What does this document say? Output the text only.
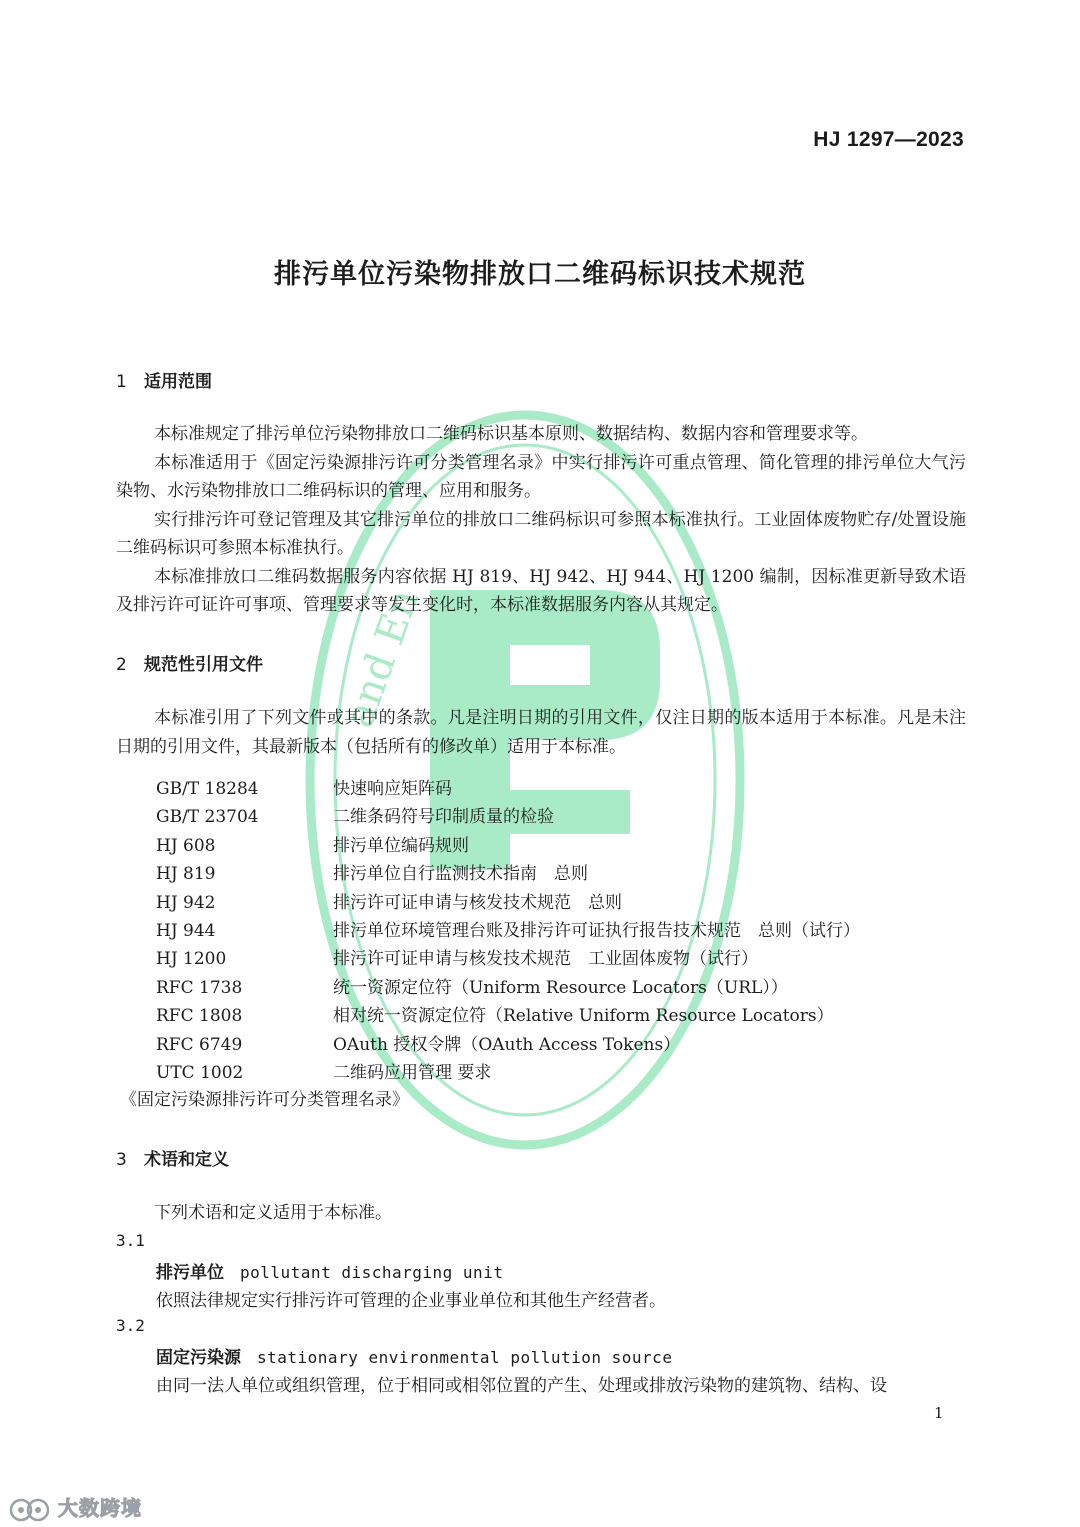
and En
HJ 1297—2023
排污单位污染物排放口二维码标识技术规范
1 适用范围

本标准规定了排污单位污染物排放口二维码标识基本原则、数据结构、数据内容和管理要求等。

本标准适用于《固定污染源排污许可分类管理名录》中实行排污许可重点管理、简化管理的排污单位大气污染物、水污染物排放口二维码标识的管理、应用和服务。

实行排污许可登记管理及其它排污单位的排放口二维码标识可参照本标准执行。工业固体废物贮存/处置设施二维码标识可参照本标准执行。

本标准排放口二维码数据服务内容依据 HJ 819、HJ 942、HJ 944、HJ 1200 编制，因标准更新导致术语及排污许可证许可事项、管理要求等发生变化时，本标准数据服务内容从其规定。

2 规范性引用文件

本标准引用了下列文件或其中的条款。凡是注明日期的引用文件，仅注日期的版本适用于本标准。凡是未注日期的引用文件，其最新版本（包括所有的修改单）适用于本标准。

GB/T 18284	快速响应矩阵码
GB/T 23704	二维条码符号印制质量的检验
HJ 608	排污单位编码规则
HJ 819	排污单位自行监测技术指南　总则
HJ 942	排污许可证申请与核发技术规范　总则
HJ 944	排污单位环境管理台账及排污许可证执行报告技术规范　总则（试行）
HJ 1200	排污许可证申请与核发技术规范　工业固体废物（试行）
RFC 1738	统一资源定位符（Uniform Resource Locators（URL））
RFC 1808	相对统一资源定位符（Relative Uniform Resource Locators）
RFC 6749	OAuth 授权令牌（OAuth Access Tokens）
UTC 1002	二维码应用管理 要求
《固定污染源排污许可分类管理名录》
3 术语和定义

下列术语和定义适用于本标准。

3.1
排污单位 pollutant discharging unit
依照法律规定实行排污许可管理的企业事业单位和其他生产经营者。
3.2
固定污染源 stationary environmental pollution source
由同一法人单位或组织管理，位于相同或相邻位置的产生、处理或排放污染物的建筑物、结构、设
1
大数跨境
